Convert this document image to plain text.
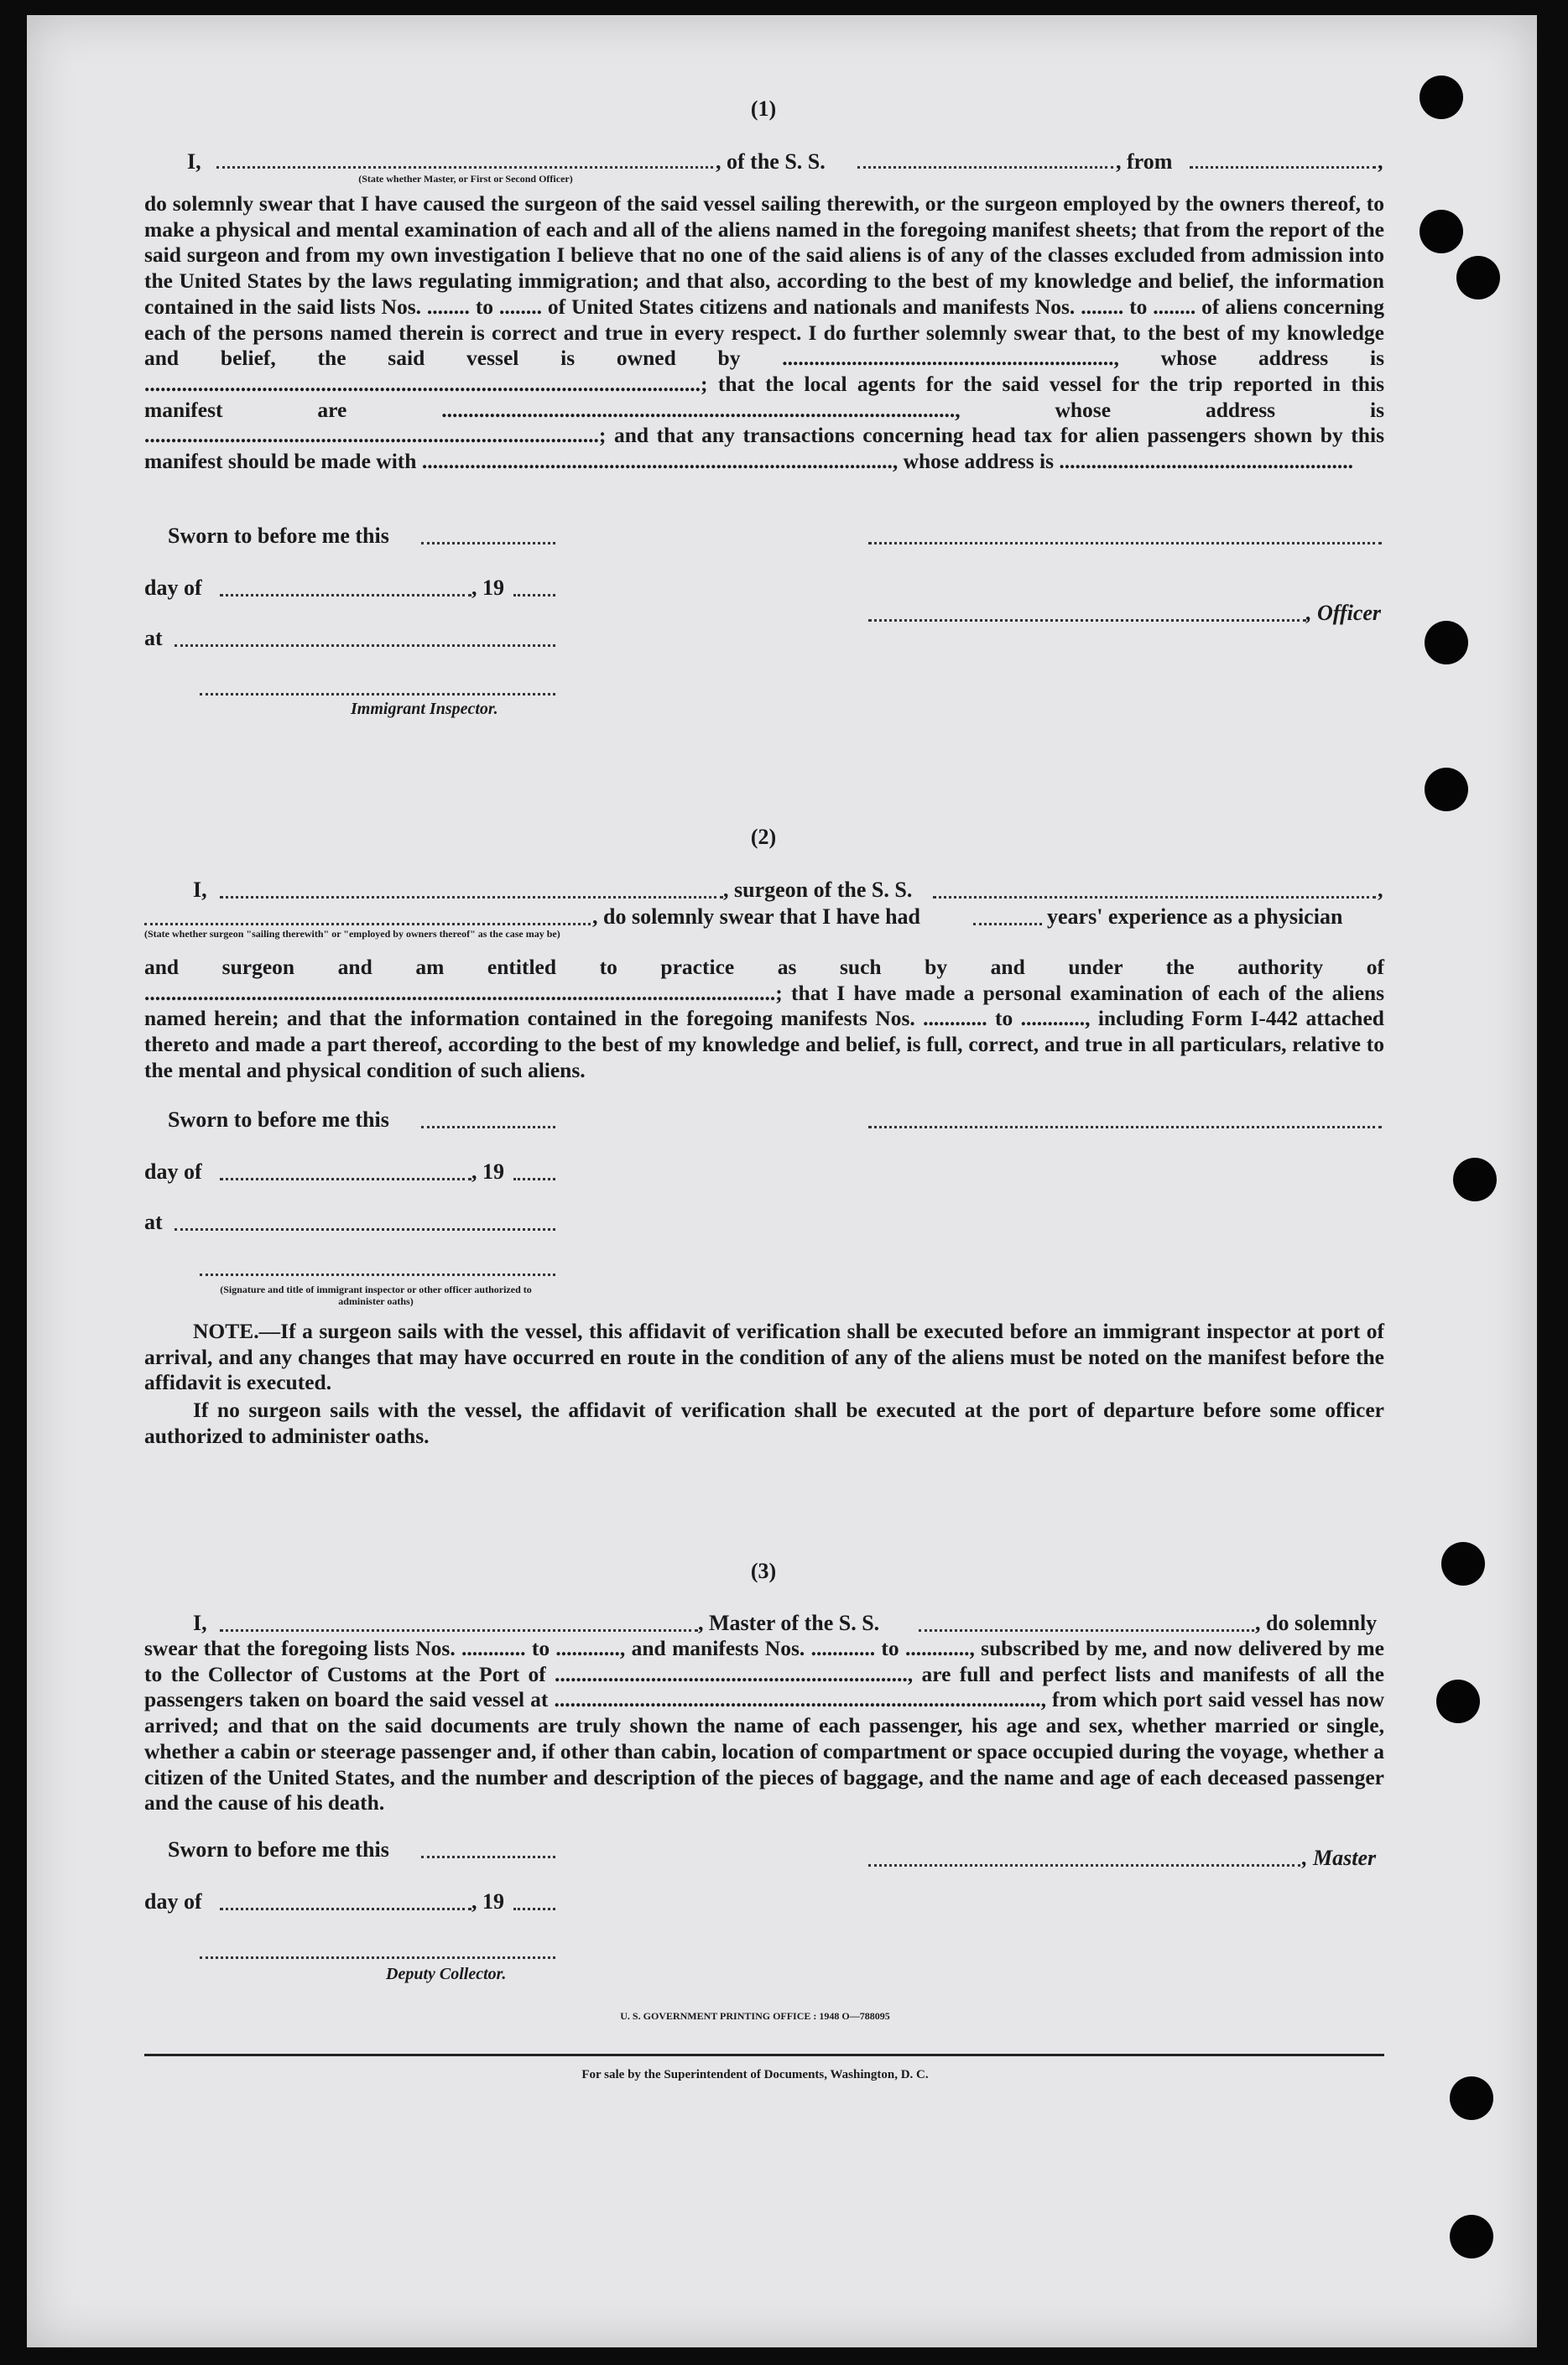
(1)
I,	, of the S. S.	, from	,
(State whether Master, or First or Second Officer)
do solemnly swear that I have caused the surgeon of the said vessel sailing therewith, or the surgeon employed by the owners thereof, to make a physical and mental examination of each and all of the aliens named in the foregoing manifest sheets; that from the report of the said surgeon and from my own investigation I believe that no one of the said aliens is of any of the classes excluded from admission into the United States by the laws regulating immigration; and that also, according to the best of my knowledge and belief, the information contained in the said lists Nos. ........ to ........ of United States citizens and nationals and manifests Nos. ........ to ........ of aliens concerning each of the persons named therein is correct and true in every respect. I do further solemnly swear that, to the best of my knowledge and belief, the said vessel is owned by .............................................................., whose address is ........................................................................................................; that the local agents for the said vessel for the trip reported in this manifest are ................................................................................................, whose address is .....................................................................................; and that any transactions concerning head tax for alien passengers shown by this manifest should be made with ........................................................................................, whose address is .......................................................
Sworn to before me this
day of	, 19
at
Immigrant Inspector.
, Officer
(2)
I,	, surgeon of the S. S.	,
, do solemnly swear that I have had	years' experience as a physician
(State whether surgeon "sailing therewith" or "employed by owners thereof" as the case may be)
and surgeon and am entitled to practice as such by and under the authority of ......................................................................................................................; that I have made a personal examination of each of the aliens named herein; and that the information contained in the foregoing manifests Nos. ............ to ............, including Form I-442 attached thereto and made a part thereof, according to the best of my knowledge and belief, is full, correct, and true in all particulars, relative to the mental and physical condition of such aliens.
Sworn to before me this
day of	, 19
at
(Signature and title of immigrant inspector or other officer authorized to administer oaths)
NOTE.—If a surgeon sails with the vessel, this affidavit of verification shall be executed before an immigrant inspector at port of arrival, and any changes that may have occurred en route in the condition of any of the aliens must be noted on the manifest before the affidavit is executed.
If no surgeon sails with the vessel, the affidavit of verification shall be executed at the port of departure before some officer authorized to administer oaths.
(3)
I,	, Master of the S. S.	, do solemnly
swear that the foregoing lists Nos. ............ to ............, and manifests Nos. ............ to ............, subscribed by me, and now delivered by me to the Collector of Customs at the Port of .................................................................., are full and perfect lists and manifests of all the passengers taken on board the said vessel at ..........................................................................................., from which port said vessel has now arrived; and that on the said documents are truly shown the name of each passenger, his age and sex, whether married or single, whether a cabin or steerage passenger and, if other than cabin, location of compartment or space occupied during the voyage, whether a citizen of the United States, and the number and description of the pieces of baggage, and the name and age of each deceased passenger and the cause of his death.
Sworn to before me this	, Master
day of	, 19
Deputy Collector.
U. S. GOVERNMENT PRINTING OFFICE : 1948 O—788095
For sale by the Superintendent of Documents, Washington, D. C.
